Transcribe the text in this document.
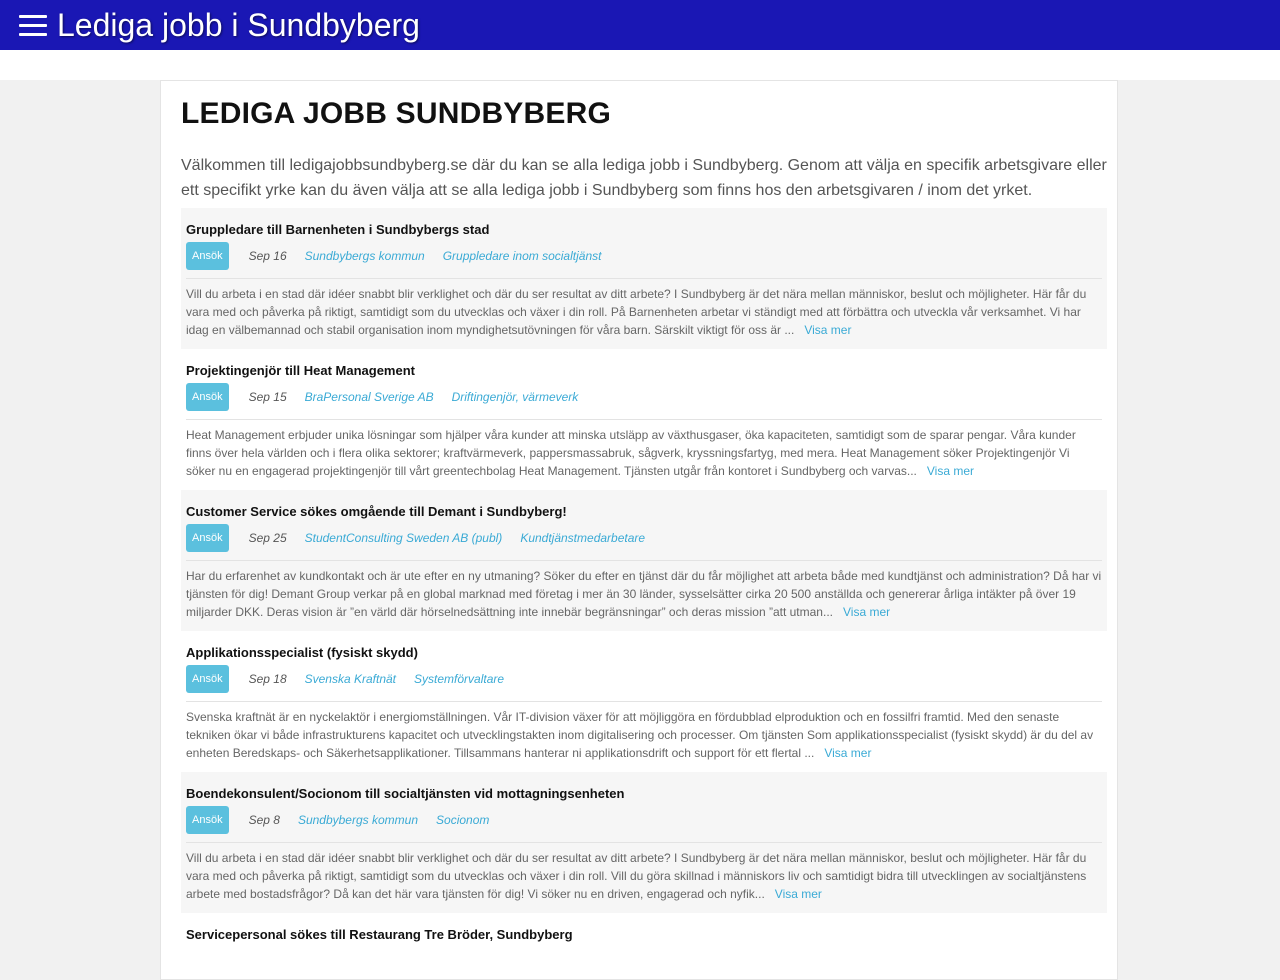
Lediga jobb i Sundbyberg
LEDIGA JOBB SUNDBYBERG

Välkommen till ledigajobbsundbyberg.se där du kan se alla lediga jobb i Sundbyberg. Genom att välja en specifik arbetsgivare eller ett specifikt yrke kan du även välja att se alla lediga jobb i Sundbyberg som finns hos den arbetsgivaren / inom det yrket.

Gruppledare till Barnenheten i Sundbybergs stad
Ansök	Sep 16 Sundbybergs kommun Gruppledare inom socialtjänst

Vill du arbeta i en stad där idéer snabbt blir verklighet och där du ser resultat av ditt arbete? I Sundbyberg är det nära mellan människor, beslut och möjligheter. Här får du vara med och påverka på riktigt, samtidigt som du utvecklas och växer i din roll. På Barnenheten arbetar vi ständigt med att förbättra och utveckla vår verksamhet. Vi har idag en välbemannad och stabil organisation inom myndighetsutövningen för våra barn. Särskilt viktigt för oss är ... Visa mer

Projektingenjör till Heat Management
Ansök	Sep 15 BraPersonal Sverige AB Driftingenjör, värmeverk

Heat Management erbjuder unika lösningar som hjälper våra kunder att minska utsläpp av växthusgaser, öka kapaciteten, samtidigt som de sparar pengar. Våra kunder finns över hela världen och i flera olika sektorer; kraftvärmeverk, pappersmassabruk, sågverk, kryssningsfartyg, med mera. Heat Management söker Projektingenjör Vi söker nu en engagerad projektingenjör till vårt greentechbolag Heat Management. Tjänsten utgår från kontoret i Sundbyberg och varvas... Visa mer

Customer Service sökes omgående till Demant i Sundbyberg!
Ansök	Sep 25 StudentConsulting Sweden AB (publ) Kundtjänstmedarbetare

Har du erfarenhet av kundkontakt och är ute efter en ny utmaning? Söker du efter en tjänst där du får möjlighet att arbeta både med kundtjänst och administration? Då har vi tjänsten för dig! Demant Group verkar på en global marknad med företag i mer än 30 länder, sysselsätter cirka 20 500 anställda och genererar årliga intäkter på över 19 miljarder DKK. Deras vision är ”en värld där hörselnedsättning inte innebär begränsningar” och deras mission ”att utman... Visa mer

Applikationsspecialist (fysiskt skydd)
Ansök	Sep 18 Svenska Kraftnät Systemförvaltare

Svenska kraftnät är en nyckelaktör i energiomställningen. Vår IT-division växer för att möjliggöra en fördubblad elproduktion och en fossilfri framtid. Med den senaste tekniken ökar vi både infrastrukturens kapacitet och utvecklingstakten inom digitalisering och processer. Om tjänsten Som applikationsspecialist (fysiskt skydd) är du del av enheten Beredskaps- och Säkerhetsapplikationer. Tillsammans hanterar ni applikationsdrift och support för ett flertal ... Visa mer

Boendekonsulent/Socionom till socialtjänsten vid mottagningsenheten
Ansök	Sep 8 Sundbybergs kommun Socionom

Vill du arbeta i en stad där idéer snabbt blir verklighet och där du ser resultat av ditt arbete? I Sundbyberg är det nära mellan människor, beslut och möjligheter. Här får du vara med och påverka på riktigt, samtidigt som du utvecklas och växer i din roll. Vill du göra skillnad i människors liv och samtidigt bidra till utvecklingen av socialtjänstens arbete med bostadsfrågor? Då kan det här vara tjänsten för dig! Vi söker nu en driven, engagerad och nyfik... Visa mer

Servicepersonal sökes till Restaurang Tre Bröder, Sundbyberg
